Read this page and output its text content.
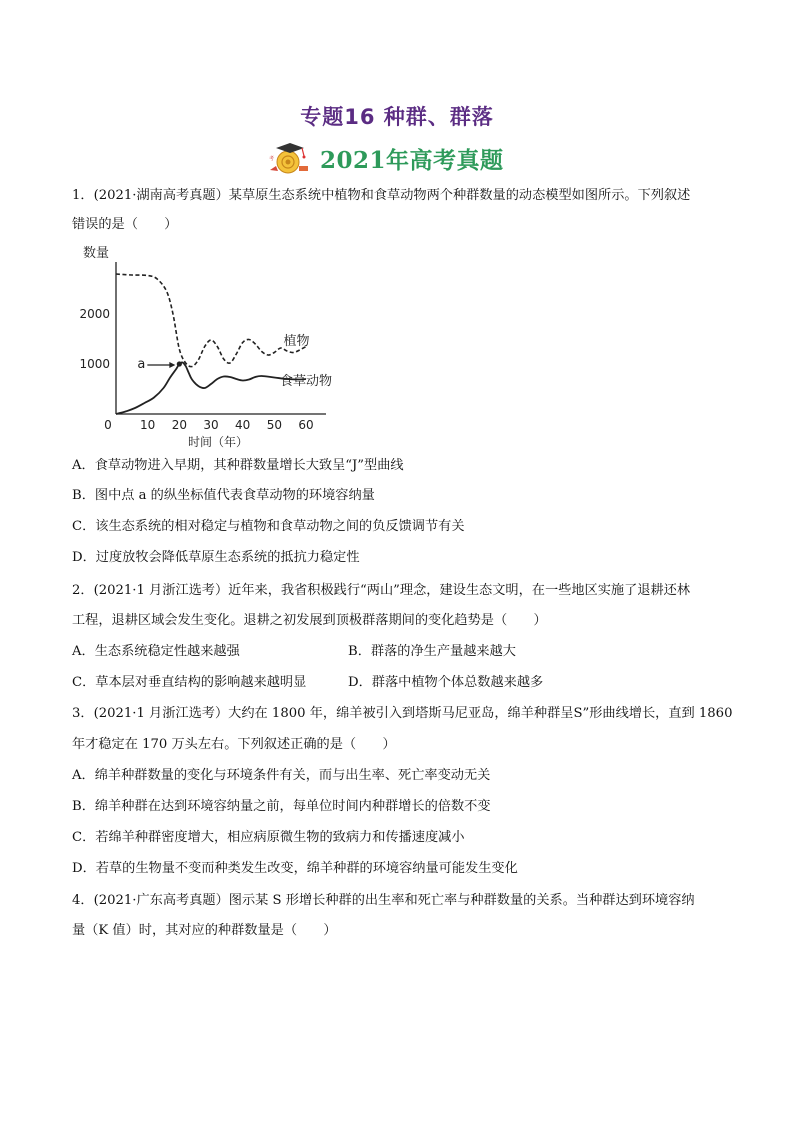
专题16 种群、群落
考 2021年高考真题
1．(2021·湖南高考真题）某草原生态系统中植物和食草动物两个种群数量的动态模型如图所示。下列叙述
错误的是（　　）
数量
时间（年）
0 10 20 30 40 50 60
1000
2000
植物
食草动物
a
A．食草动物进入早期，其种群数量增长大致呈“J”型曲线
B．图中点 a 的纵坐标值代表食草动物的环境容纳量
C．该生态系统的相对稳定与植物和食草动物之间的负反馈调节有关
D．过度放牧会降低草原生态系统的抵抗力稳定性
2．(2021·1 月浙江选考）近年来，我省积极践行“两山”理念，建设生态文明，在一些地区实施了退耕还林
工程，退耕区域会发生变化。退耕之初发展到顶极群落期间的变化趋势是（　　）
A．生态系统稳定性越来越强	B．群落的净生产量越来越大
C．草本层对垂直结构的影响越来越明显	D．群落中植物个体总数越来越多
3．(2021·1 月浙江选考）大约在 1800 年，绵羊被引入到塔斯马尼亚岛，绵羊种群呈S”形曲线增长，直到 1860
年才稳定在 170 万头左右。下列叙述正确的是（　　）
A．绵羊种群数量的变化与环境条件有关，而与出生率、死亡率变动无关
B．绵羊种群在达到环境容纳量之前，每单位时间内种群增长的倍数不变
C．若绵羊种群密度增大，相应病原微生物的致病力和传播速度减小
D．若草的生物量不变而种类发生改变，绵羊种群的环境容纳量可能发生变化
4．(2021·广东高考真题）图示某 S 形增长种群的出生率和死亡率与种群数量的关系。当种群达到环境容纳
量（K 值）时，其对应的种群数量是（　　）
